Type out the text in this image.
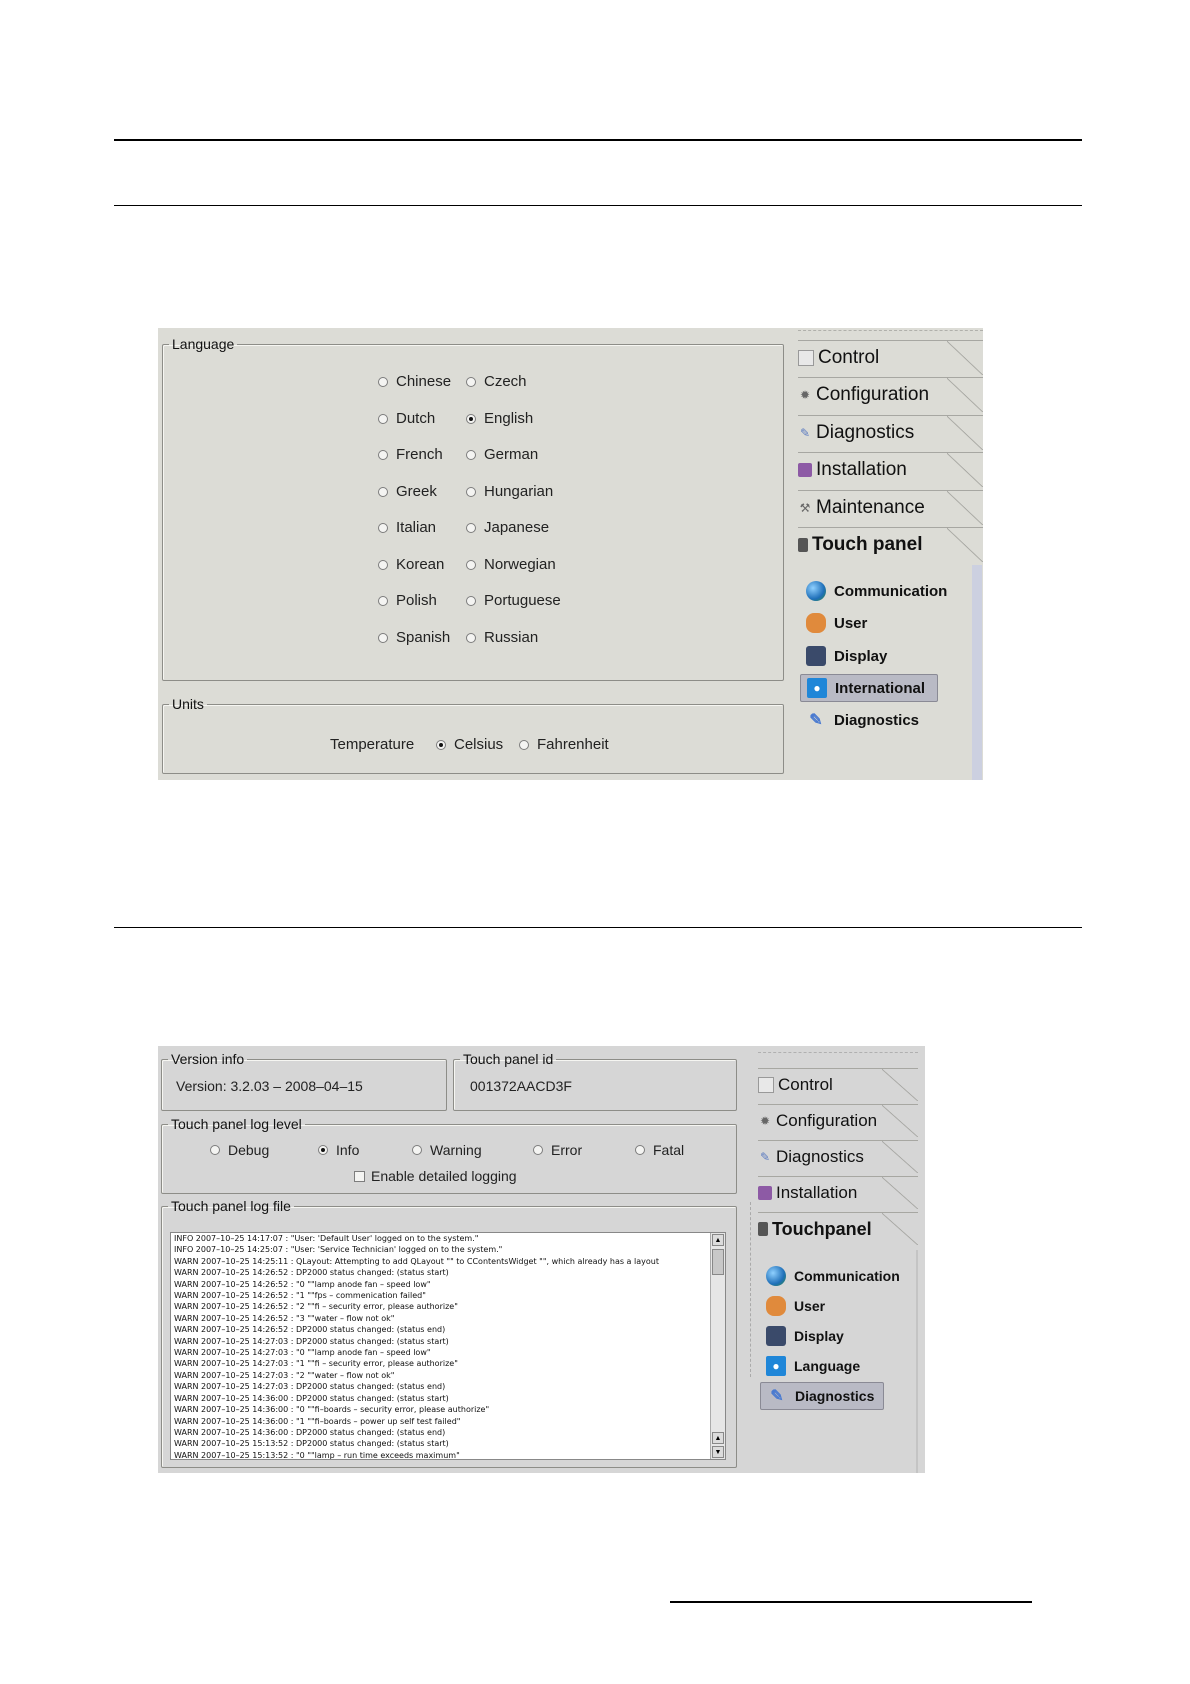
Language
Chinese Czech
Dutch	English
French	German
Greek	Hungarian
Italian	Japanese
Korean	Norwegian
Polish	Portuguese
Spanish Russian
Units
Temperature	Celsius Fahrenheit
Control
✹ Configuration
✎ Diagnostics
Installation
⚒ Maintenance
Touch panel
Communication
User
Display
● International
✎ Diagnostics
Version info
Version: 3.2.03 – 2008–04–15
Touch panel id
001372AACD3F
Touch panel log level
Debug	Info	Warning	Error	Fatal
Enable detailed logging
Touch panel log file
INFO 2007–10–25 14:17:07 : "User: 'Default User' logged on to the system."
INFO 2007–10–25 14:25:07 : "User: 'Service Technician' logged on to the system."
WARN 2007–10–25 14:25:11 : QLayout: Attempting to add QLayout "" to CContentsWidget "", which already has a layout
WARN 2007–10–25 14:26:52 : DP2000 status changed: (status start)
WARN 2007–10–25 14:26:52 : "0 ""lamp anode fan – speed low"
WARN 2007–10–25 14:26:52 : "1 ""fps – commenication failed"
WARN 2007–10–25 14:26:52 : "2 ""fi – security error, please authorize"
WARN 2007–10–25 14:26:52 : "3 ""water – flow not ok"
WARN 2007–10–25 14:26:52 : DP2000 status changed: (status end)
WARN 2007–10–25 14:27:03 : DP2000 status changed: (status start)
WARN 2007–10–25 14:27:03 : "0 ""lamp anode fan – speed low"
WARN 2007–10–25 14:27:03 : "1 ""fi – security error, please authorize"
WARN 2007–10–25 14:27:03 : "2 ""water – flow not ok"
WARN 2007–10–25 14:27:03 : DP2000 status changed: (status end)
WARN 2007–10–25 14:36:00 : DP2000 status changed: (status start)
WARN 2007–10–25 14:36:00 : "0 ""fi–boards – security error, please authorize"
WARN 2007–10–25 14:36:00 : "1 ""fi–boards – power up self test failed"
WARN 2007–10–25 14:36:00 : DP2000 status changed: (status end)
WARN 2007–10–25 15:13:52 : DP2000 status changed: (status start)
WARN 2007–10–25 15:13:52 : "0 ""lamp – run time exceeds maximum"
▲
▲
▼
Control
✹ Configuration
✎ Diagnostics
Installation
Touchpanel
Communication
User
Display
●	Language
✎ Diagnostics
